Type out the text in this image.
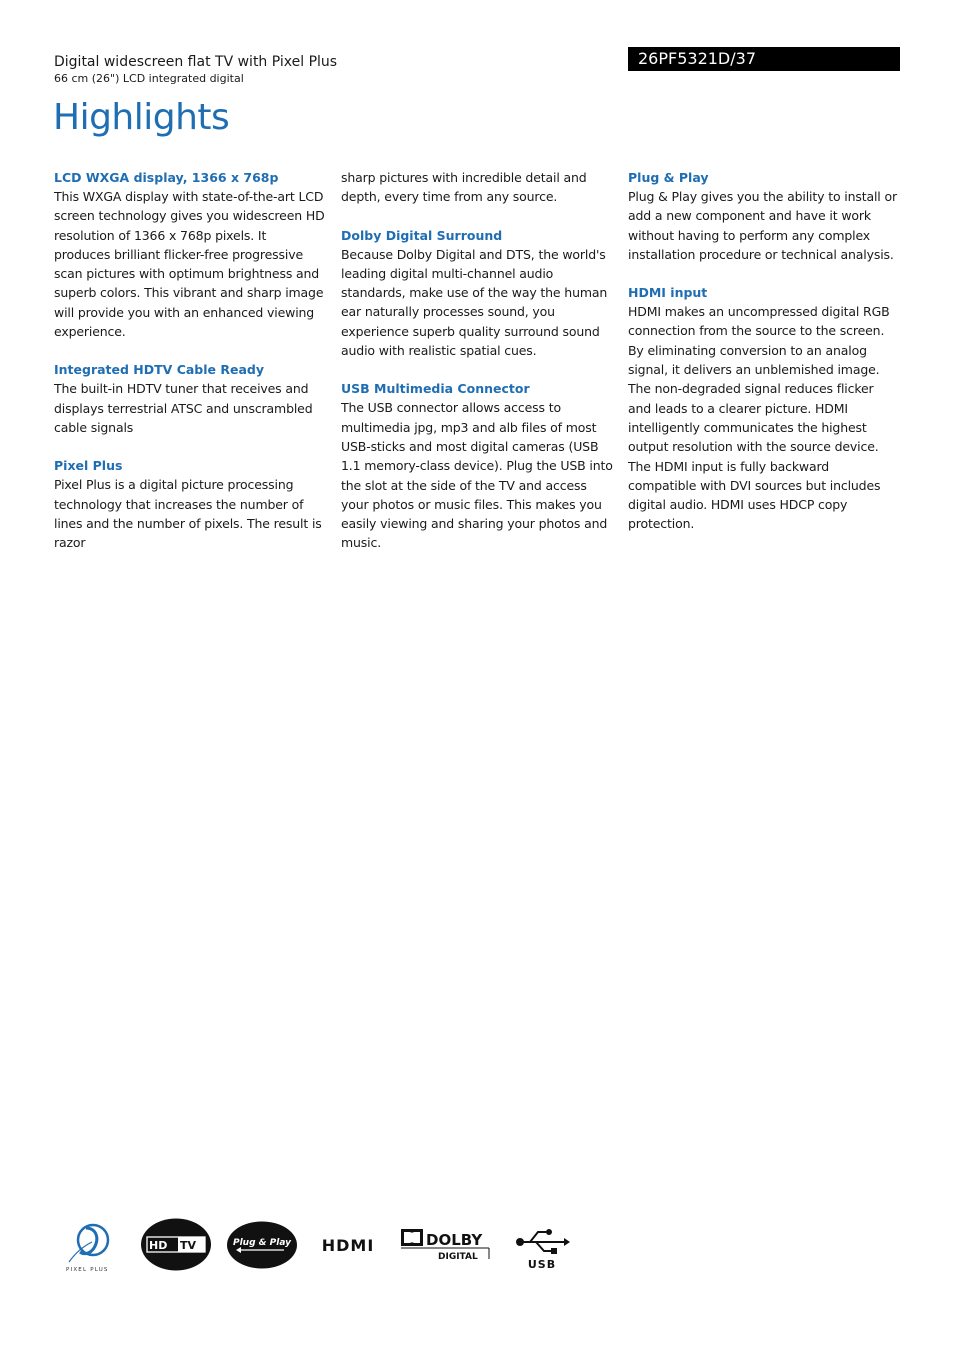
Digital widescreen flat TV with Pixel Plus
66 cm (26") LCD integrated digital
26PF5321D/37
Highlights

LCD WXGA display, 1366 x 768p

This WXGA display with state-of-the-art LCD screen technology gives you widescreen HD resolution of 1366 x 768p pixels. It produces brilliant flicker-free progressive scan pictures with optimum brightness and superb colors. This vibrant and sharp image will provide you with an enhanced viewing experience.

Integrated HDTV Cable Ready

The built-in HDTV tuner that receives and displays terrestrial ATSC and unscrambled cable signals

Pixel Plus

Pixel Plus is a digital picture processing technology that increases the number of lines and the number of pixels. The result is razor

sharp pictures with incredible detail and depth, every time from any source.

Dolby Digital Surround

Because Dolby Digital and DTS, the world's leading digital multi-channel audio standards, make use of the way the human ear naturally processes sound, you experience superb quality surround sound audio with realistic spatial cues.

USB Multimedia Connector

The USB connector allows access to multimedia jpg, mp3 and alb files of most USB-sticks and most digital cameras (USB 1.1 memory-class device). Plug the USB into the slot at the side of the TV and access your photos or music files. This makes you easily viewing and sharing your photos and music.

Plug & Play

Plug & Play gives you the ability to install or add a new component and have it work without having to perform any complex installation procedure or technical analysis.

HDMI input

HDMI makes an uncompressed digital RGB connection from the source to the screen. By eliminating conversion to an analog signal, it delivers an unblemished image. The non-degraded signal reduces flicker and leads to a clearer picture. HDMI intelligently communicates the highest output resolution with the source device. The HDMI input is fully backward compatible with DVI sources but includes digital audio. HDMI uses HDCP copy protection.

PIXEL PLUS
HD TV
HDTV
Plug & Play HDMI	DOLBY
DIGITAL
USB
